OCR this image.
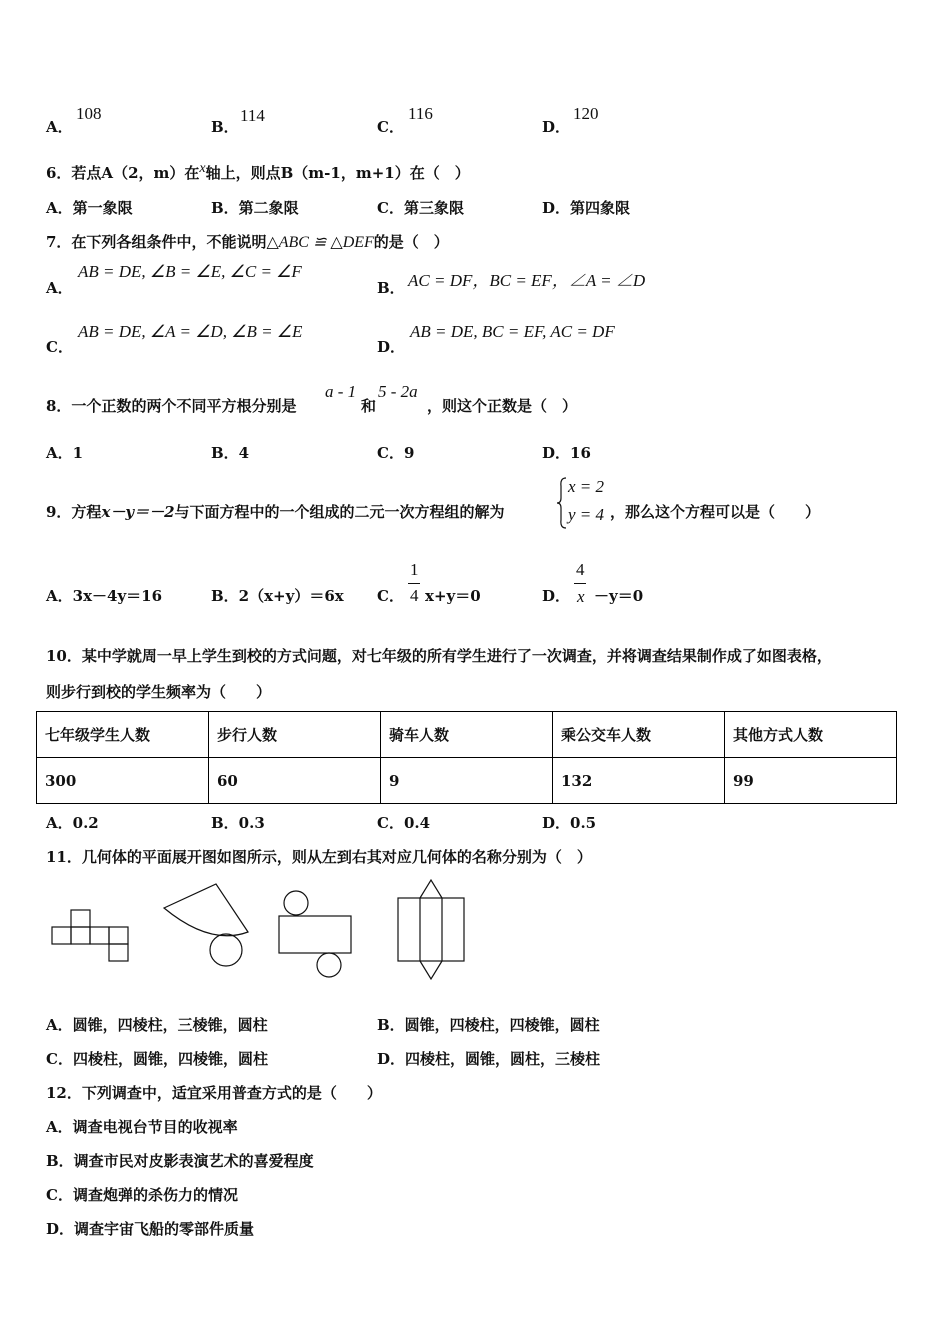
A．
108
B．
114
C．
116
D．
120
6．若点A（2，m）在x轴上，则点B（m-1，m+1）在（　）
A．第一象限	B．第二象限	C．第三象限	D．第四象限
7．在下列各组条件中，不能说明△ABC ≌ △DEF的是（　）
A．
AB = DE, ∠B = ∠E, ∠C = ∠F
B． AC = DF，BC = EF，∠A = ∠D
C．
AB = DE, ∠A = ∠D, ∠B = ∠E
D．
AB = DE, BC = EF, AC = DF
8．一个正数的两个不同平方根分别是
a - 1
和
5 - 2a
，则这个正数是（　）
A．1	B．4	C．9	D．16
9．方程x－y＝－2与下面方程中的一个组成的二元一次方程组的解为
x = 2
y = 4 ，那么这个方程可以是（　　）
A．3x－4y＝16	B．2（x+y）＝6x C．
1
4 x+y＝0	D．
4
x －y＝0
10．某中学就周一早上学生到校的方式问题，对七年级的所有学生进行了一次调查，并将调查结果制作成了如图表格，
则步行到校的学生频率为（　　）
七年级学生人数	步行人数	骑车人数	乘公交车人数	其他方式人数
300	60	9	132	99
A．0.2	B．0.3	C．0.4	D．0.5
11．几何体的平面展开图如图所示，则从左到右其对应几何体的名称分别为（　）
A．圆锥，四棱柱，三棱锥，圆柱	B．圆锥，四棱柱，四棱锥，圆柱
C．四棱柱，圆锥，四棱锥，圆柱	D．四棱柱，圆锥，圆柱，三棱柱
12．下列调查中，适宜采用普查方式的是（　　）
A．调查电视台节目的收视率
B．调查市民对皮影表演艺术的喜爱程度
C．调查炮弹的杀伤力的情况
D．调查宇宙飞船的零部件质量
